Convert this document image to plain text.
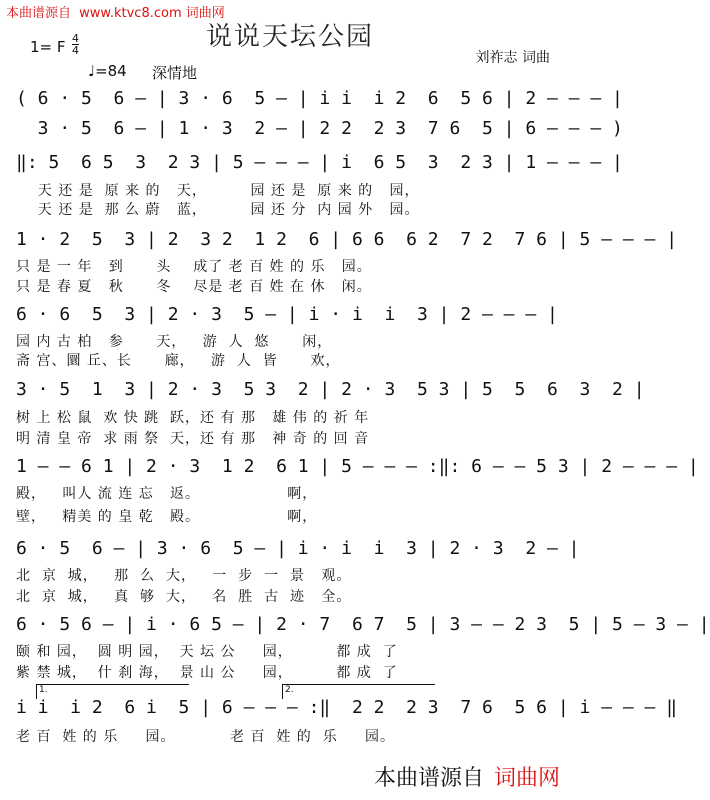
本曲谱源自 www.ktvc8.com 词曲网
说说天坛公园
1= F 4
4
♩=84 深情地
刘祚志 词曲
( 6 · 5  6 — | 3 · 6  5 — | i i  i 2  6  5 6 | 2 — — — |
3 · 5  6 — | 1 · 3  2 — | 2 2  2 3  7 6  5 | 6 — — — )
‖: 5  6 5  3  2 3 | 5 — — — | i  6 5  3  2 3 | 1 — — — |
天 还 是  原 来 的   天，        园 还 是  原 来 的   园，
天 还 是  那 么 蔚   蓝，        园 还 分  内 园 外   园。
1 · 2  5  3 | 2  3 2  1 2  6 | 6 6  6 2  7 2  7 6 | 5 — — — |
只 是 一 年   到      头    成了 老 百 姓 的 乐   园。
只 是 春 夏   秋      冬    尽是 老 百 姓 在 休   闲。
6 · 6  5  3 | 2 · 3  5 — | i · i  i  3 | 2 — — — |
园 内 古 柏   参      天，   游  人  悠      闲，
斋 宫、圜 丘、长      廊，   游  人  皆      欢，
3 · 5  1  3 | 2 · 3  5 3  2 | 2 · 3  5 3 | 5  5  6  3  2 |
树 上 松 鼠  欢 快 跳  跃，还 有 那   雄 伟 的 祈 年
明 清 皇 帝  求 雨 祭  天，还 有 那   神 奇 的 回 音
1 — — 6 1 | 2 · 3  1 2  6 1 | 5 — — — :‖: 6 — — 5 3 | 2 — — — |
殿，   叫人 流 连 忘   返。                啊，
壁，   精美 的 皇 乾   殿。                啊，
6 · 5  6 — | 3 · 6  5 — | i · i  i  3 | 2 · 3  2 — |
北  京  城，   那  么  大，   一  步  一  景   观。
北  京  城，   真  够  大，   名  胜  古  迹   全。
6 · 5 6 — | i · 6 5 — | 2 · 7  6 7  5 | 3 — — 2 3  5 | 5 — 3 — |
颐 和 园，  圆 明 园，  天 坛 公     园，        都 成  了
紫 禁 城，  什 刹 海，  景 山 公     园，        都 成  了
i i  i 2  6 i  5 | 6 — — — :‖  2 2  2 3  7 6  5 6 | i — — — ‖
老 百  姓 的 乐     园。          老 百  姓 的  乐     园。
1.	2.
本曲谱源自 词曲网
